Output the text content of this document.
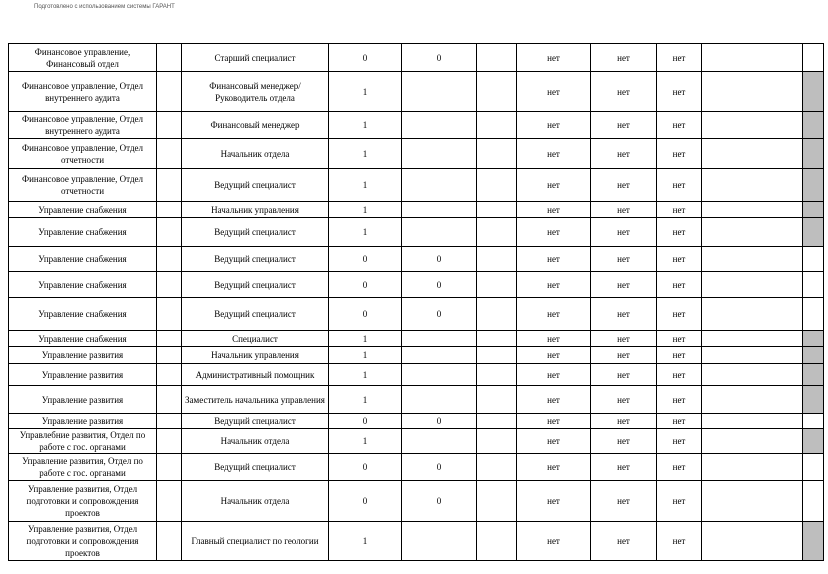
Подготовлено с использованием системы ГАРАНТ
Финансовое управление, Финансовый отдел		Старший специалист	0	0		нет	нет	нет		
Финансовое управление, Отдел внутреннего аудита		Финансовый менеджер/Руководитель отдела	1			нет	нет	нет		
Финансовое управление, Отдел внутреннего аудита		Финансовый менеджер	1			нет	нет	нет		
Финансовое управление, Отдел отчетности		Начальник отдела	1			нет	нет	нет		
Финансовое управление, Отдел отчетности		Ведущий специалист	1			нет	нет	нет		
Управление снабжения		Начальник управления	1			нет	нет	нет		
Управление снабжения		Ведущий специалист	1			нет	нет	нет		
Управление снабжения		Ведущий специалист	0	0		нет	нет	нет		
Управление снабжения		Ведущий специалист	0	0		нет	нет	нет		
Управление снабжения		Ведущий специалист	0	0		нет	нет	нет		
Управление снабжения		Специалист	1			нет	нет	нет		
Управление развития		Начальник управления	1			нет	нет	нет		
Управление развития		Административный помощник	1			нет	нет	нет		
Управление развития		Заместитель начальника управления	1			нет	нет	нет		
Управление развития		Ведущий специалист	0	0		нет	нет	нет		
Управлебние развития, Отдел по работе с гос. органами		Начальник отдела	1			нет	нет	нет		
Управление развития, Отдел по работе с гос. органами		Ведущий специалист	0	0		нет	нет	нет		
Управление развития, Отдел подготовки и сопровождения проектов		Начальник отдела	0	0		нет	нет	нет		
Управление развития, Отдел подготовки и сопровождения проектов		Главный специалист по геологии	1			нет	нет	нет		
